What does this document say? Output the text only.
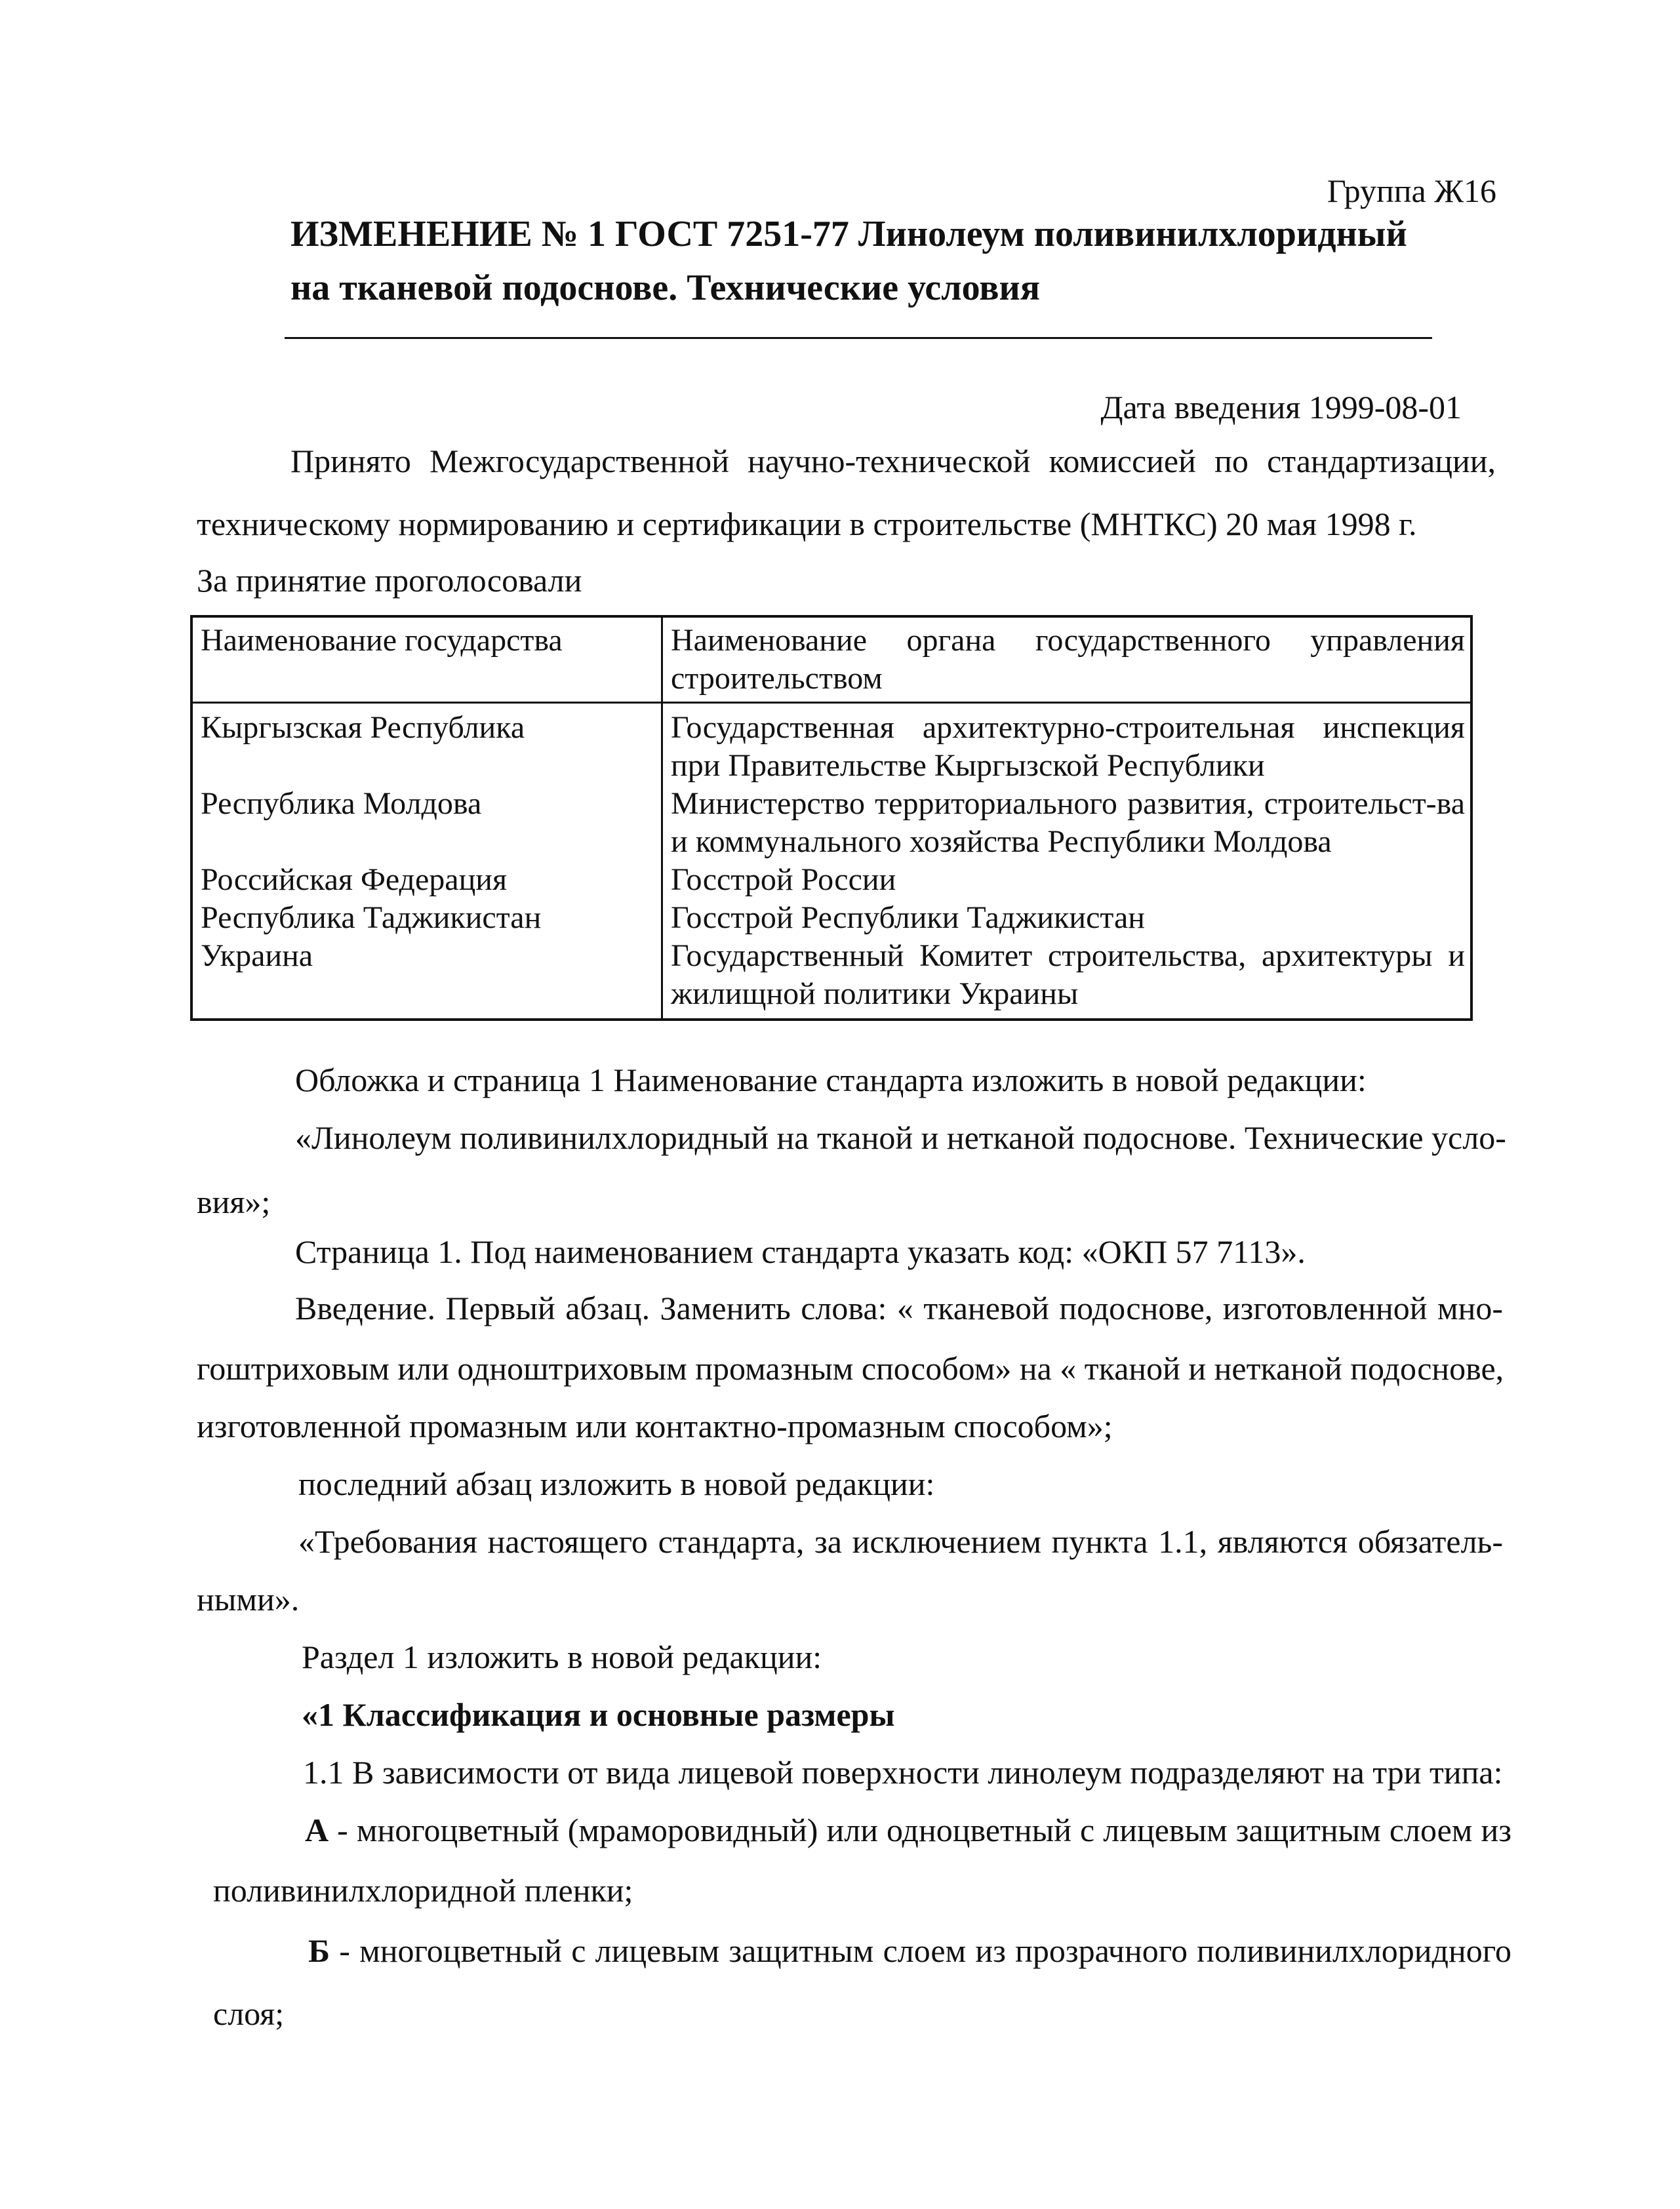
Группа Ж16
ИЗМЕНЕНИЕ № 1 ГОСТ 7251-77 Линолеум поливинилхлоридный
на тканевой подоснове. Технические условия
Дата введения 1999-08-01
Принято Межгосударственной научно-технической комиссией по стандартизации,
техническому нормированию и сертификации в строительстве (МНТКС) 20 мая 1998 г.
За принятие проголосовали
Наименование государства	Наименование органа государственного управления строительством
Кыргызская Республика	Государственная архитектурно-строительная инспекция при Правительстве Кыргызской Республики
Республика Молдова	Министерство территориального развития, строительст-ва и коммунального хозяйства Республики Молдова
Российская Федерация	Госстрой России
Республика Таджикистан	Госстрой Республики Таджикистан
Украина	Государственный Комитет строительства, архитектуры и жилищной политики Украины
Обложка и страница 1 Наименование стандарта изложить в новой редакции:
«Линолеум поливинилхлоридный на тканой и нетканой подоснове. Технические усло-
вия»;
Страница 1. Под наименованием стандарта указать код: «ОКП 57 7113».
Введение. Первый абзац. Заменить слова: « тканевой подоснове, изготовленной мно-
гоштриховым или одноштриховым промазным способом» на « тканой и нетканой подоснове,
изготовленной промазным или контактно-промазным способом»;
последний абзац изложить в новой редакции:
«Требования настоящего стандарта, за исключением пункта 1.1, являются обязатель-
ными».
Раздел 1 изложить в новой редакции:
«1 Классификация и основные размеры
1.1 В зависимости от вида лицевой поверхности линолеум подразделяют на три типа:
А - многоцветный (мраморовидный) или одноцветный с лицевым защитным слоем из
поливинилхлоридной пленки;
Б - многоцветный с лицевым защитным слоем из прозрачного поливинилхлоридного
слоя;
